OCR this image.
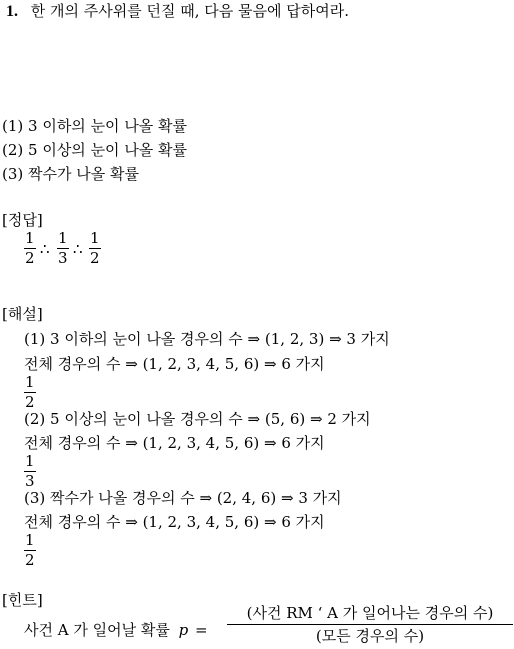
1. 한 개의 주사위를 던질 때, 다음 물음에 답하여라.
(1) 3 이하의 눈이 나올 확률
(2) 5 이상의 눈이 나올 확률
(3) 짝수가 나올 확률
[정답]
1
2 ∴
1
3 ∴
1
2
[해설]
(1) 3 이하의 눈이 나올 경우의 수 ⇒ (1, 2, 3) ⇒ 3 가지
전체 경우의 수 ⇒ (1, 2, 3, 4, 5, 6) ⇒ 6 가지
1
2
(2) 5 이상의 눈이 나올 경우의 수 ⇒ (5, 6) ⇒ 2 가지
전체 경우의 수 ⇒ (1, 2, 3, 4, 5, 6) ⇒ 6 가지
1
3
(3) 짝수가 나올 경우의 수 ⇒ (2, 4, 6) ⇒ 3 가지
전체 경우의 수 ⇒ (1, 2, 3, 4, 5, 6) ⇒ 6 가지
1
2
[힌트]
사건 A 가 일어날 확률 p =
(사건 RM ‘ A 가 일어나는 경우의 수)
(모든 경우의 수)
